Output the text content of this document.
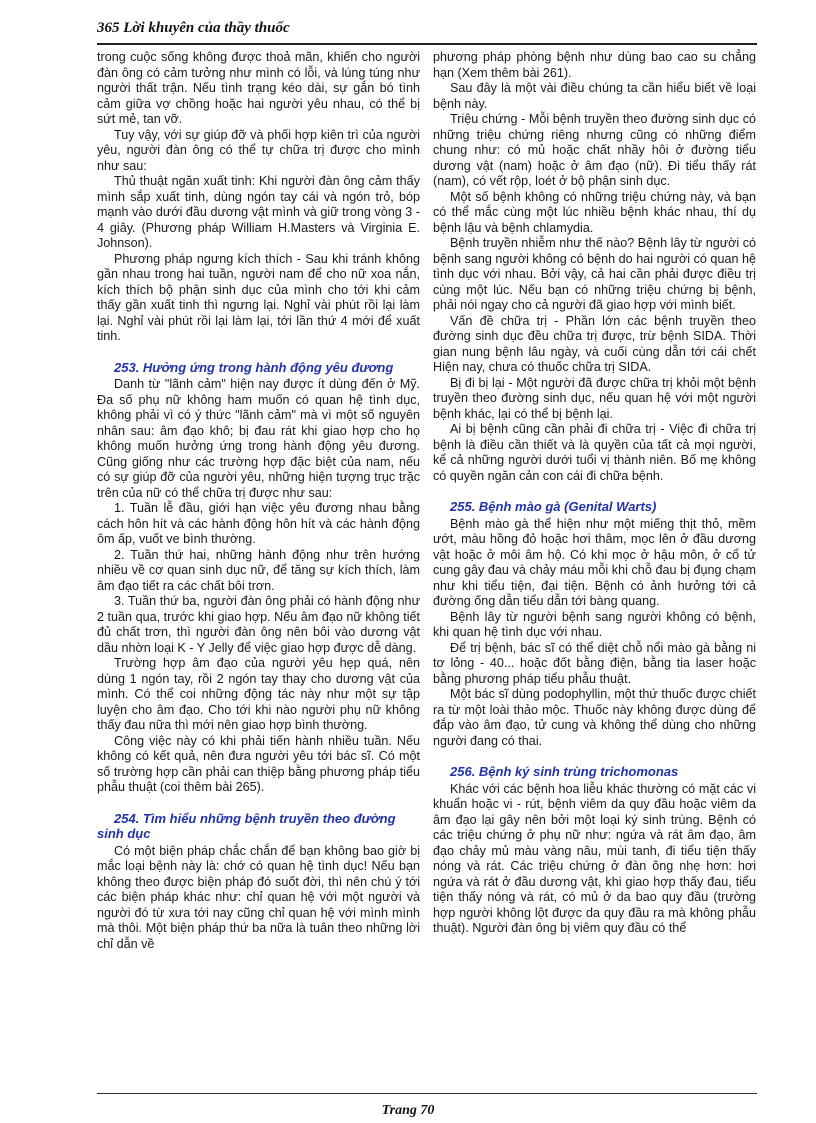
365 Lời khuyên của thầy thuốc

trong cuộc sống không được thoả mãn, khiến cho người đàn ông có cảm tưởng như mình có lỗi, và lúng túng như người thất trận. Nếu tình trạng kéo dài, sự gắn bó tình cảm giữa vợ chồng hoặc hai người yêu nhau, có thể bị sứt mẻ, tan vỡ.

Tuy vậy, với sự giúp đỡ và phối hợp kiên trì của người yêu, người đàn ông có thể tự chữa trị được cho mình như sau:

Thủ thuật ngăn xuất tinh: Khi người đàn ông cảm thấy mình sắp xuất tinh, dùng ngón tay cái và ngón trỏ, bóp mạnh vào dưới đầu dương vật mình và giữ trong vòng 3 - 4 giây. (Phương pháp William H.Masters và Virginia E. Johnson).

Phương pháp ngưng kích thích - Sau khi tránh không gần nhau trong hai tuần, người nam để cho nữ xoa nắn, kích thích bộ phận sinh dục của mình cho tới khi cảm thấy gần xuất tinh thì ngưng lại. Nghỉ vài phút rồi lại làm lại. Nghỉ vài phút rồi lại làm lại, tới lần thứ 4 mới để xuất tinh.

253. Hưởng ứng trong hành động yêu đương

Danh từ "lãnh cảm" hiện nay được ít dùng đến ở Mỹ. Đa số phụ nữ không ham muốn có quan hệ tình dục, không phải vì có ý thức "lãnh cảm" mà vì một số nguyên nhân sau: âm đạo khô; bị đau rát khi giao hợp cho họ không muốn hưởng ứng trong hành động yêu đương. Cũng giống như các trường hợp đặc biệt của nam, nếu có sự giúp đỡ của người yêu, những hiện tượng trục trặc trên của nữ có thể chữa trị được như sau:

1. Tuần lễ đầu, giới hạn việc yêu đương nhau bằng cách hôn hít và các hành động hôn hít và các hành động ôm ấp, vuốt ve bình thường.

2. Tuần thứ hai, những hành động như trên hướng nhiều về cơ quan sinh dục nữ, để tăng sự kích thích, làm âm đạo tiết ra các chất bôi trơn.

3. Tuần thứ ba, người đàn ông phải có hành động như 2 tuần qua, trước khi giao hợp. Nếu âm đạo nữ không tiết đủ chất trơn, thì người đàn ông nên bôi vào dương vật dầu nhờn loại K - Y Jelly để việc giao hợp được dễ dàng.

Trường hợp âm đạo của người yêu hẹp quá, nên dùng 1 ngón tay, rồi 2 ngón tay thay cho dương vật của mình. Có thể coi những động tác này như một sự tập luyện cho âm đạo. Cho tới khi nào người phụ nữ không thấy đau nữa thì mới nên giao hợp bình thường.

Công việc này có khi phải tiến hành nhiều tuần. Nếu không có kết quả, nên đưa người yêu tới bác sĩ. Có một số trường hợp cần phải can thiệp bằng phương pháp tiểu phẫu thuật (coi thêm bài 265).

254. Tìm hiểu những bệnh truyền theo đường sinh dục

Có một biện pháp chắc chắn để bạn không bao giờ bị mắc loại bệnh này là: chớ có quan hệ tình dục! Nếu bạn không theo được biện pháp đó suốt đời, thì nên chú ý tới các biện pháp khác như: chỉ quan hệ với một người và người đó từ xưa tới nay cũng chỉ quan hệ với mình mình mà thôi. Một biện pháp thứ ba nữa là tuân theo những lời chỉ dẫn về

phương pháp phòng bệnh như dùng bao cao su chẳng hạn (Xem thêm bài 261).

Sau đây là một vài điều chúng ta cần hiểu biết về loại bệnh này.

Triệu chứng - Mỗi bệnh truyền theo đường sinh dục có những triệu chứng riêng nhưng cũng có những điểm chung như: có mủ hoặc chất nhầy hôi ở đường tiểu dương vật (nam) hoặc ở âm đạo (nữ). Đi tiểu thấy rát (nam), có vết rộp, loét ở bộ phận sinh dục.

Một số bệnh không có những triệu chứng này, và bạn có thể mắc cùng một lúc nhiều bệnh khác nhau, thí dụ bệnh lậu và bệnh chlamydia.

Bệnh truyền nhiễm như thế nào? Bệnh lây từ người có bệnh sang người không có bệnh do hai người có quan hệ tình dục với nhau. Bởi vậy, cả hai cần phải được điều trị cùng một lúc. Nếu bạn có những triệu chứng bị bệnh, phải nói ngay cho cả người đã giao hợp với mình biết.

Vấn đề chữa trị - Phần lớn các bệnh truyền theo đường sinh dục đều chữa trị được, trừ bệnh SIDA. Thời gian nung bệnh lâu ngày, và cuối cùng dẫn tới cái chết Hiện nay, chưa có thuốc chữa trị SIDA.

Bị đi bị lại - Một người đã được chữa trị khỏi một bệnh truyền theo đường sinh dục, nếu quan hệ với một người bệnh khác, lại có thể bị bệnh lại.

Ai bị bệnh cũng cần phải đi chữa trị - Việc đi chữa trị bệnh là điều cần thiết và là quyền của tất cả mọi người, kể cả những người dưới tuổi vị thành niên. Bố mẹ không có quyền ngăn cản con cái đi chữa bệnh.

255. Bệnh mào gà (Genital Warts)

Bệnh mào gà thể hiện như một miếng thịt thỏ, mềm ướt, màu hồng đỏ hoặc hơi thâm, mọc lên ở đầu dương vật hoặc ở môi âm hộ. Có khi mọc ở hậu môn, ở cổ tử cung gây đau và chảy máu mỗi khi chỗ đau bị đụng chạm như khi tiểu tiện, đại tiện. Bệnh có ảnh hưởng tới cả đường ống dẫn tiểu dẫn tới bàng quang.

Bệnh lây từ người bệnh sang người không có bệnh, khi quan hệ tình dục với nhau.

Để trị bệnh, bác sĩ có thể diệt chỗ nổi mào gà bằng ni tơ lỏng - 40... hoặc đốt bằng điện, bằng tia laser hoặc bằng phương pháp tiểu phẫu thuật.

Một bác sĩ dùng podophyllin, một thứ thuốc được chiết ra từ một loài thảo mộc. Thuốc này không được dùng để đắp vào âm đạo, tử cung và không thể dùng cho những người đang có thai.

256. Bệnh ký sinh trùng trichomonas

Khác với các bệnh hoa liễu khác thường có mặt các vi khuẩn hoặc vi - rút, bệnh viêm da quy đầu hoặc viêm da âm đạo lại gây nên bởi một loại ký sinh trùng. Bệnh có các triệu chứng ở phụ nữ như: ngứa và rát âm đạo, âm đạo chảy mủ màu vàng nâu, mùi tanh, đi tiểu tiện thấy nóng và rát. Các triệu chứng ở đàn ông nhẹ hơn: hơi ngứa và rát ở đầu dương vật, khi giao hợp thấy đau, tiểu tiện thấy nóng và rát, có mủ ở da bao quy đầu (trường hợp người không lột được da quy đầu ra mà không phẫu thuật). Người đàn ông bị viêm quy đầu có thể

Trang 70
